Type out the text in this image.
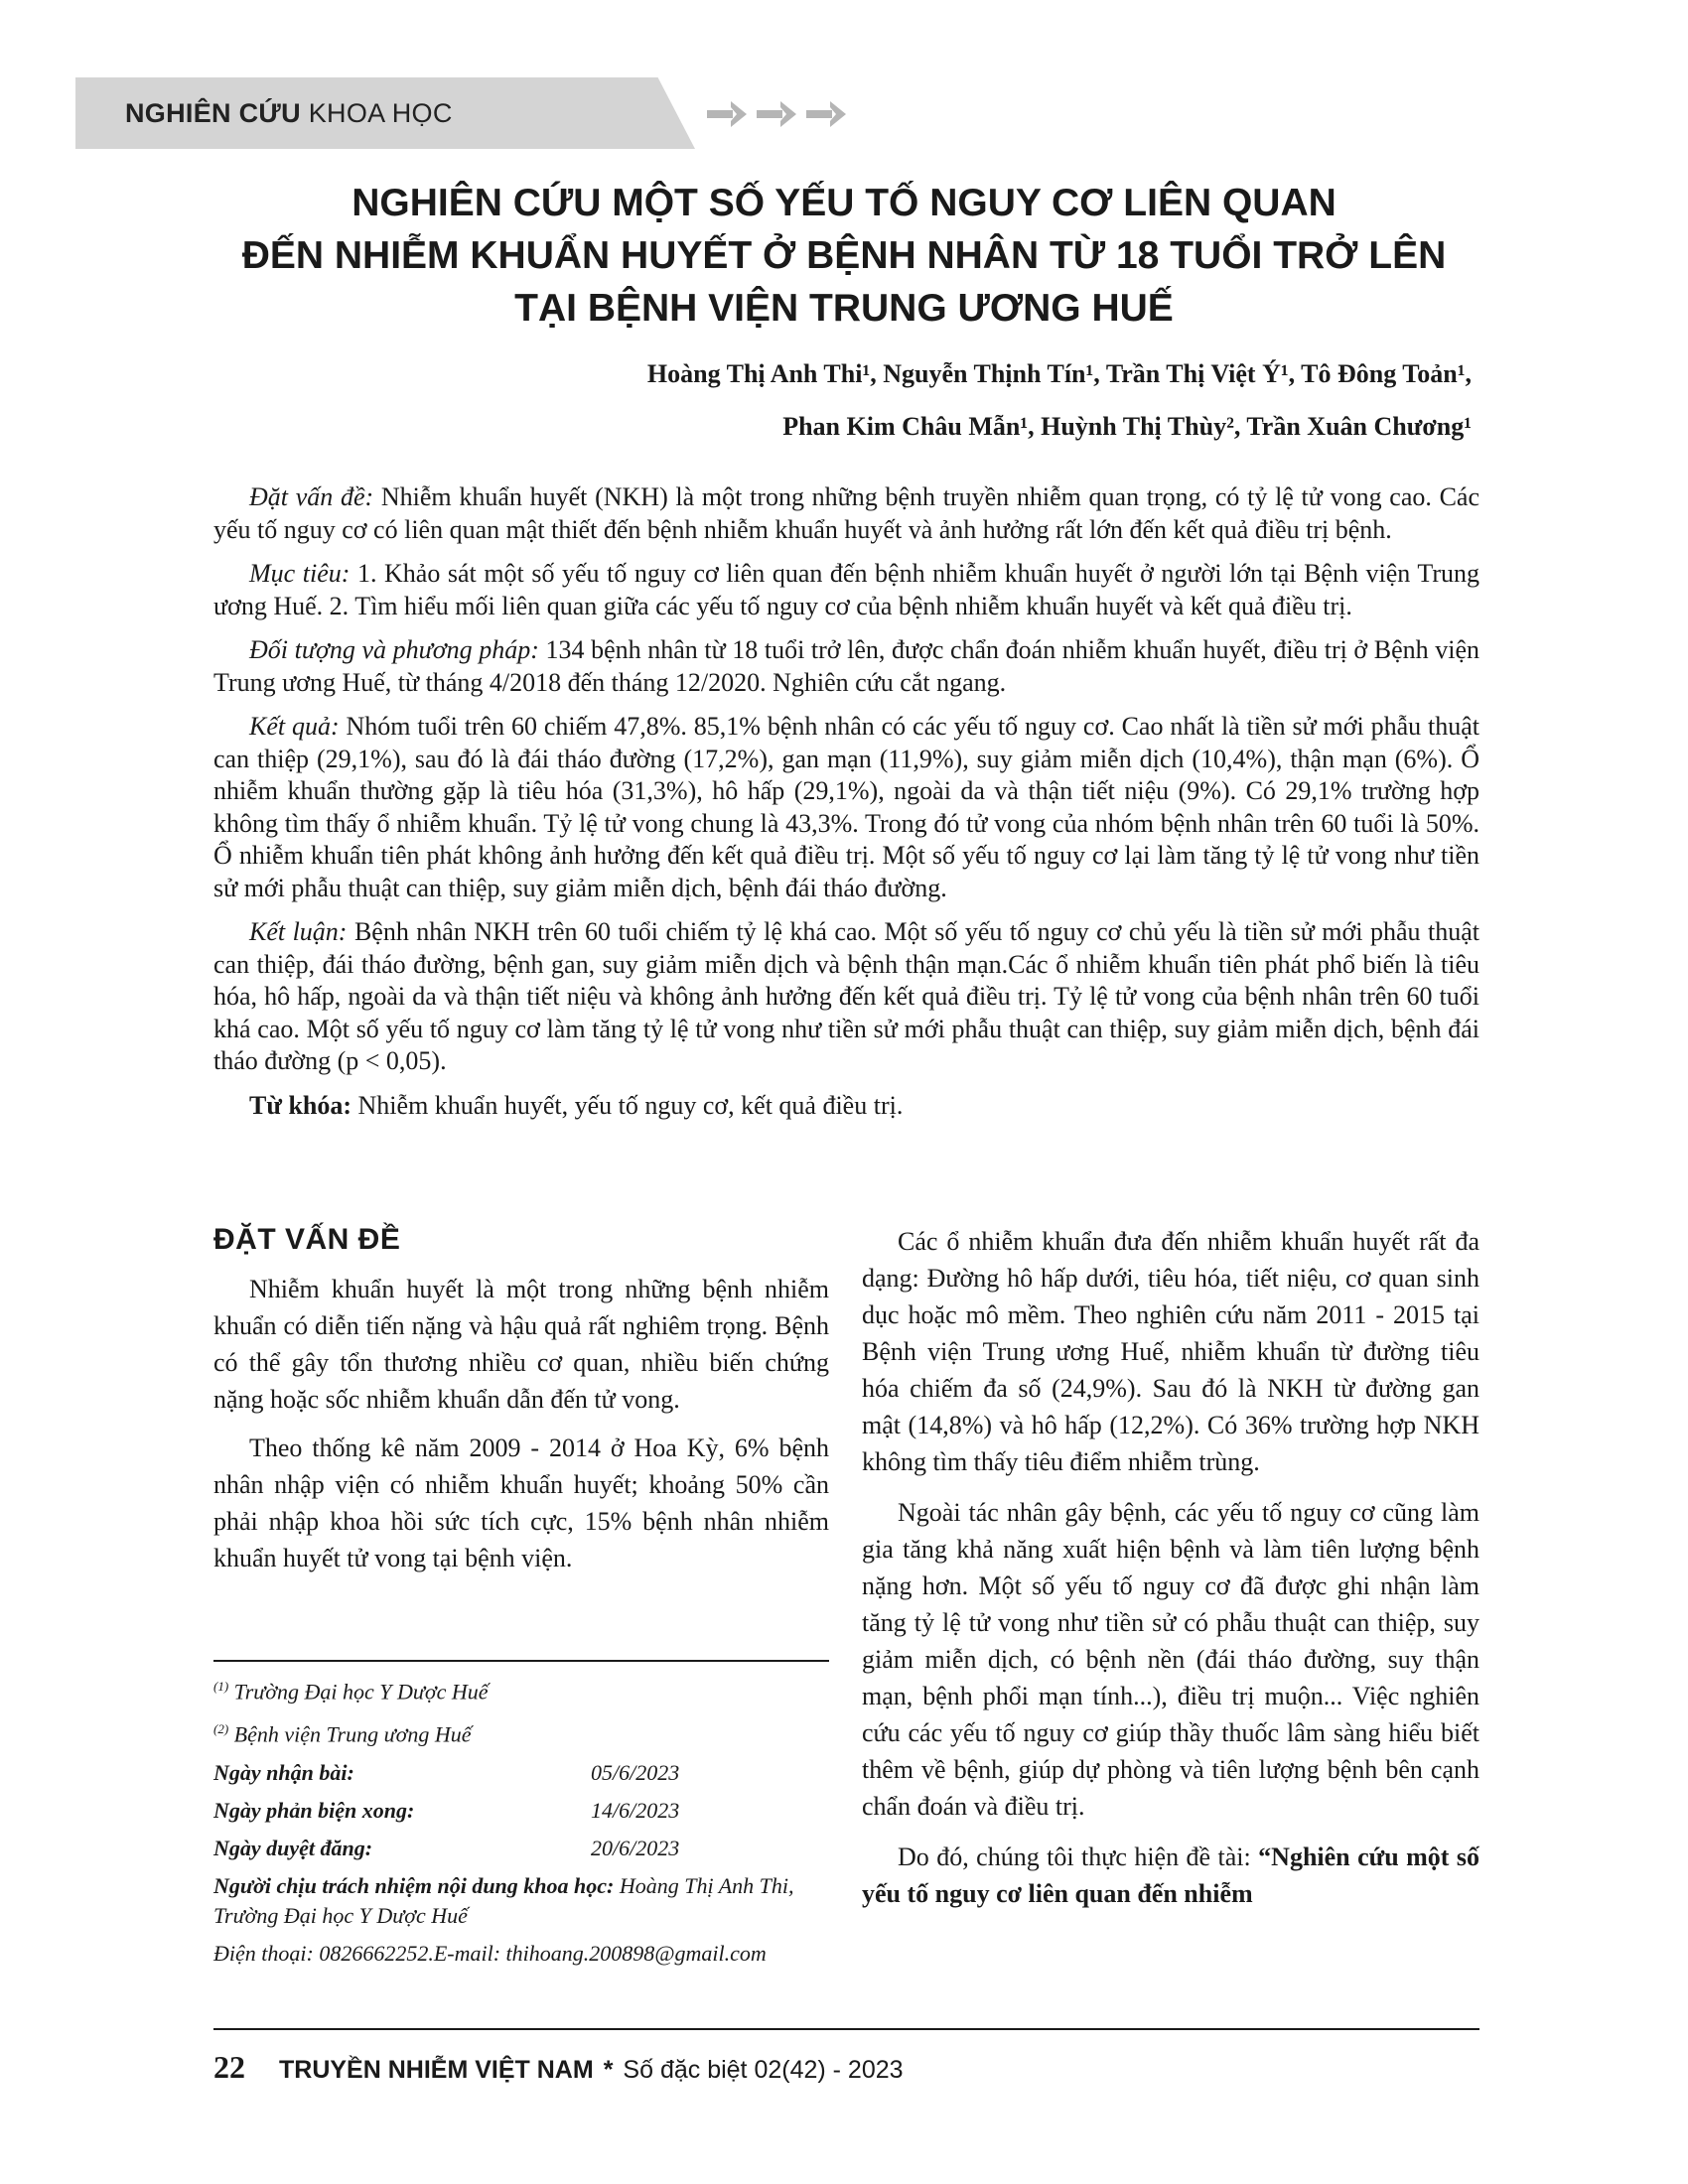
NGHIÊN CỨU KHOA HỌC
NGHIÊN CỨU MỘT SỐ YẾU TỐ NGUY CƠ LIÊN QUAN
ĐẾN NHIỄM KHUẨN HUYẾT Ở BỆNH NHÂN TỪ 18 TUỔI TRỞ LÊN
TẠI BỆNH VIỆN TRUNG ƯƠNG HUẾ
Hoàng Thị Anh Thi¹, Nguyễn Thịnh Tín¹, Trần Thị Việt Ý¹, Tô Đông Toản¹,
Phan Kim Châu Mẫn¹, Huỳnh Thị Thùy², Trần Xuân Chương¹

Đặt vấn đề: Nhiễm khuẩn huyết (NKH) là một trong những bệnh truyền nhiễm quan trọng, có tỷ lệ tử vong cao. Các yếu tố nguy cơ có liên quan mật thiết đến bệnh nhiễm khuẩn huyết và ảnh hưởng rất lớn đến kết quả điều trị bệnh.

Mục tiêu: 1. Khảo sát một số yếu tố nguy cơ liên quan đến bệnh nhiễm khuẩn huyết ở người lớn tại Bệnh viện Trung ương Huế. 2. Tìm hiểu mối liên quan giữa các yếu tố nguy cơ của bệnh nhiễm khuẩn huyết và kết quả điều trị.

Đối tượng và phương pháp: 134 bệnh nhân từ 18 tuổi trở lên, được chẩn đoán nhiễm khuẩn huyết, điều trị ở Bệnh viện Trung ương Huế, từ tháng 4/2018 đến tháng 12/2020. Nghiên cứu cắt ngang.

Kết quả: Nhóm tuổi trên 60 chiếm 47,8%. 85,1% bệnh nhân có các yếu tố nguy cơ. Cao nhất là tiền sử mới phẫu thuật can thiệp (29,1%), sau đó là đái tháo đường (17,2%), gan mạn (11,9%), suy giảm miễn dịch (10,4%), thận mạn (6%). Ổ nhiễm khuẩn thường gặp là tiêu hóa (31,3%), hô hấp (29,1%), ngoài da và thận tiết niệu (9%). Có 29,1% trường hợp không tìm thấy ổ nhiễm khuẩn. Tỷ lệ tử vong chung là 43,3%. Trong đó tử vong của nhóm bệnh nhân trên 60 tuổi là 50%. Ổ nhiễm khuẩn tiên phát không ảnh hưởng đến kết quả điều trị. Một số yếu tố nguy cơ lại làm tăng tỷ lệ tử vong như tiền sử mới phẫu thuật can thiệp, suy giảm miễn dịch, bệnh đái tháo đường.

Kết luận: Bệnh nhân NKH trên 60 tuổi chiếm tỷ lệ khá cao. Một số yếu tố nguy cơ chủ yếu là tiền sử mới phẫu thuật can thiệp, đái tháo đường, bệnh gan, suy giảm miễn dịch và bệnh thận mạn.Các ổ nhiễm khuẩn tiên phát phổ biến là tiêu hóa, hô hấp, ngoài da và thận tiết niệu và không ảnh hưởng đến kết quả điều trị. Tỷ lệ tử vong của bệnh nhân trên 60 tuổi khá cao. Một số yếu tố nguy cơ làm tăng tỷ lệ tử vong như tiền sử mới phẫu thuật can thiệp, suy giảm miễn dịch, bệnh đái tháo đường (p < 0,05).

Từ khóa: Nhiễm khuẩn huyết, yếu tố nguy cơ, kết quả điều trị.

ĐẶT VẤN ĐỀ

Nhiễm khuẩn huyết là một trong những bệnh nhiễm khuẩn có diễn tiến nặng và hậu quả rất nghiêm trọng. Bệnh có thể gây tổn thương nhiều cơ quan, nhiều biến chứng nặng hoặc sốc nhiễm khuẩn dẫn đến tử vong.

Theo thống kê năm 2009 - 2014 ở Hoa Kỳ, 6% bệnh nhân nhập viện có nhiễm khuẩn huyết; khoảng 50% cần phải nhập khoa hồi sức tích cực, 15% bệnh nhân nhiễm khuẩn huyết tử vong tại bệnh viện.

$^{(1)}$ Trường Đại học Y Dược Huế
$^{(2)}$ Bệnh viện Trung ương Huế
Ngày nhận bài:	05/6/2023
Ngày phản biện xong:	14/6/2023
Ngày duyệt đăng:	20/6/2023
Người chịu trách nhiệm nội dung khoa học: Hoàng Thị Anh Thi, Trường Đại học Y Dược Huế
Điện thoại: 0826662252.E-mail: thihoang.200898@gmail.com

Các ổ nhiễm khuẩn đưa đến nhiễm khuẩn huyết rất đa dạng: Đường hô hấp dưới, tiêu hóa, tiết niệu, cơ quan sinh dục hoặc mô mềm. Theo nghiên cứu năm 2011 - 2015 tại Bệnh viện Trung ương Huế, nhiễm khuẩn từ đường tiêu hóa chiếm đa số (24,9%). Sau đó là NKH từ đường gan mật (14,8%) và hô hấp (12,2%). Có 36% trường hợp NKH không tìm thấy tiêu điểm nhiễm trùng.

Ngoài tác nhân gây bệnh, các yếu tố nguy cơ cũng làm gia tăng khả năng xuất hiện bệnh và làm tiên lượng bệnh nặng hơn. Một số yếu tố nguy cơ đã được ghi nhận làm tăng tỷ lệ tử vong như tiền sử có phẫu thuật can thiệp, suy giảm miễn dịch, có bệnh nền (đái tháo đường, suy thận mạn, bệnh phổi mạn tính...), điều trị muộn... Việc nghiên cứu các yếu tố nguy cơ giúp thầy thuốc lâm sàng hiểu biết thêm về bệnh, giúp dự phòng và tiên lượng bệnh bên cạnh chẩn đoán và điều trị.

Do đó, chúng tôi thực hiện đề tài: “Nghiên cứu một số yếu tố nguy cơ liên quan đến nhiễm

22 TRUYỀN NHIỄM VIỆT NAM * Số đặc biệt 02(42) - 2023
